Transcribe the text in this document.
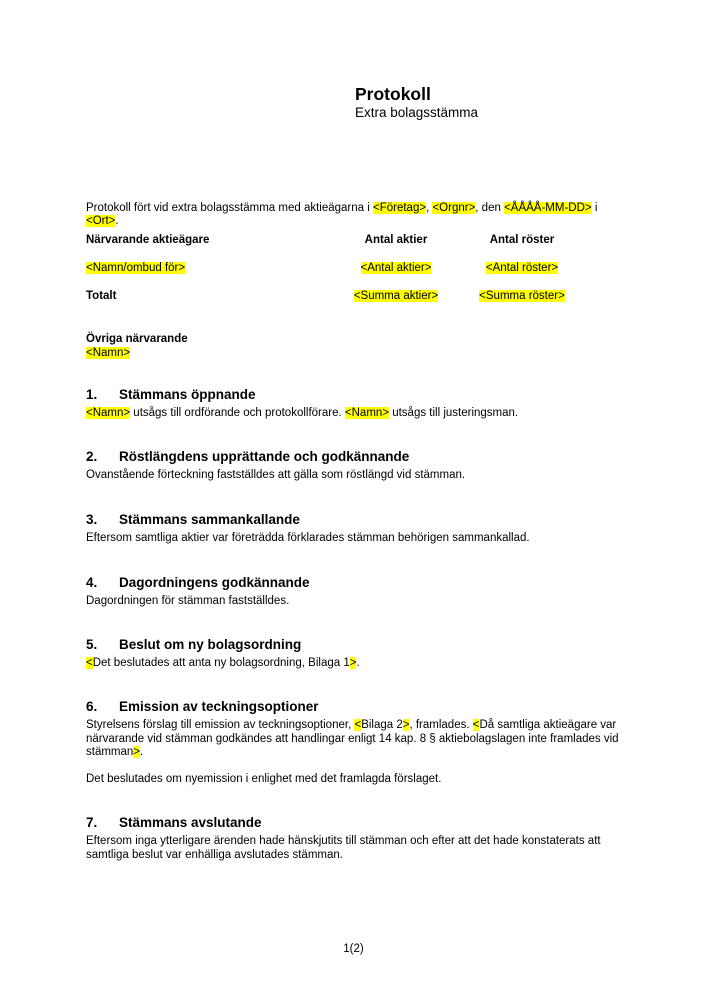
Protokoll
Extra bolagsstämma

Protokoll fört vid extra bolagsstämma med aktieägarna i <Företag>, <Orgnr>, den <ÅÅÅÅ-MM-DD> i <Ort>.

Närvarande aktieägare	Antal aktier	Antal röster
<Namn/ombud för>	<Antal aktier>	<Antal röster>
Totalt	<Summa aktier>	<Summa röster>
Övriga närvarande
<Namn>
1. Stämmans öppnande

<Namn> utsågs till ordförande och protokollförare. <Namn> utsågs till justeringsman.

2. Röstlängdens upprättande och godkännande

Ovanstående förteckning fastställdes att gälla som röstlängd vid stämman.

3. Stämmans sammankallande

Eftersom samtliga aktier var företrädda förklarades stämman behörigen sammankallad.

4. Dagordningens godkännande

Dagordningen för stämman fastställdes.

5. Beslut om ny bolagsordning

<Det beslutades att anta ny bolagsordning, Bilaga 1>.

6. Emission av teckningsoptioner

Styrelsens förslag till emission av teckningsoptioner, <Bilaga 2>, framlades. <Då samtliga aktieägare var närvarande vid stämman godkändes att handlingar enligt 14 kap. 8 § aktiebolagslagen inte framlades vid stämman>.

Det beslutades om nyemission i enlighet med det framlagda förslaget.

7. Stämmans avslutande

Eftersom inga ytterligare ärenden hade hänskjutits till stämman och efter att det hade konstaterats att samtliga beslut var enhälliga avslutades stämman.

1(2)
